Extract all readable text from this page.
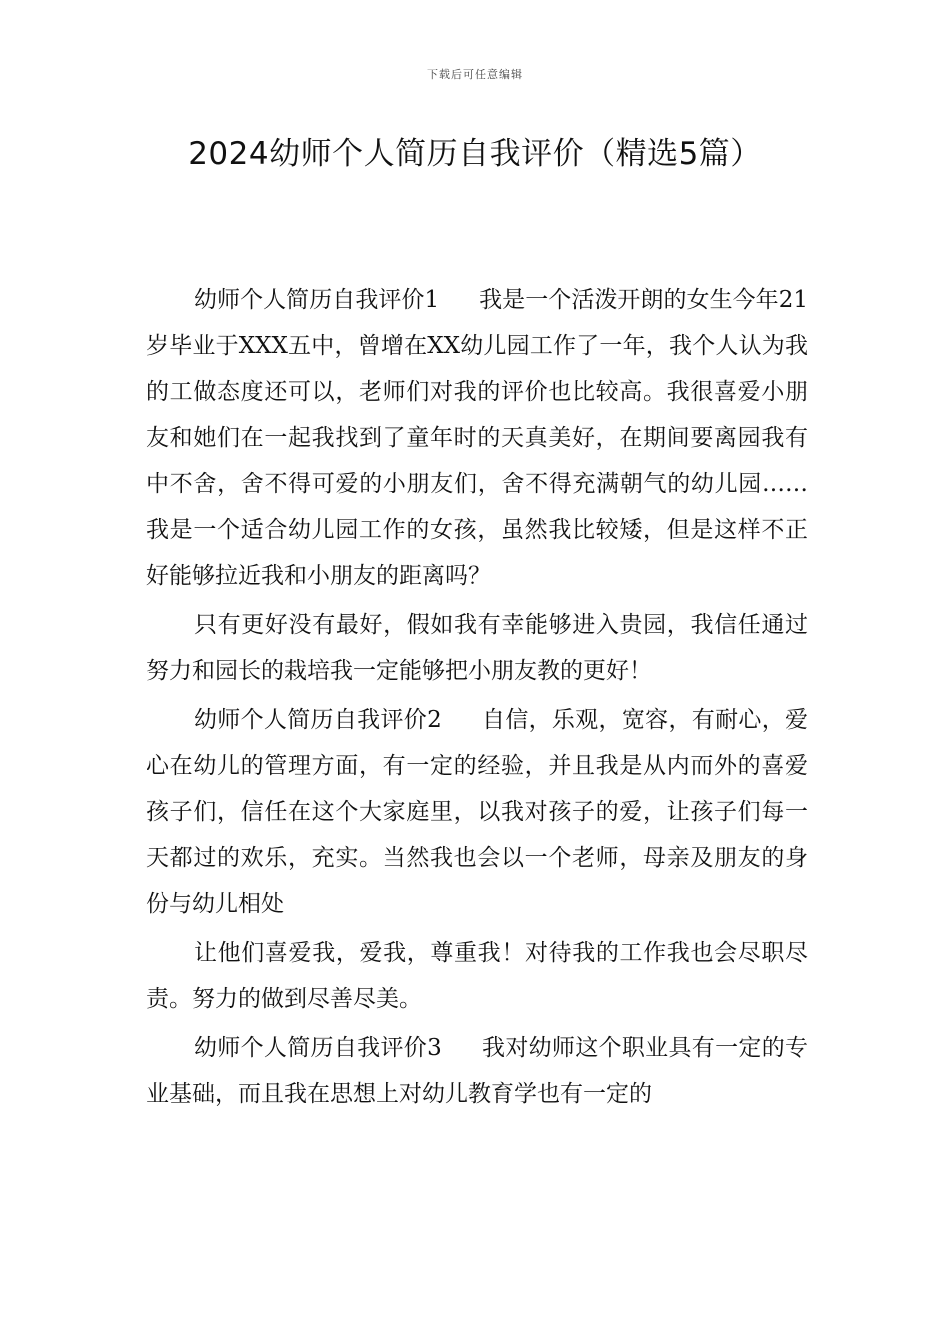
下载后可任意编辑
2024幼师个人简历自我评价（精选5篇）

幼师个人简历自我评价1 我是一个活泼开朗的女生今年21岁毕业于XXX五中，曾增在XX幼儿园工作了一年，我个人认为我的工做态度还可以，老师们对我的评价也比较高。我很喜爱小朋友和她们在一起我找到了童年时的天真美好，在期间要离园我有中不舍，舍不得可爱的小朋友们，舍不得充满朝气的幼儿园……我是一个适合幼儿园工作的女孩，虽然我比较矮，但是这样不正好能够拉近我和小朋友的距离吗？

只有更好没有最好，假如我有幸能够进入贵园，我信任通过努力和园长的栽培我一定能够把小朋友教的更好！

幼师个人简历自我评价2 自信，乐观，宽容，有耐心，爱心在幼儿的管理方面，有一定的经验，并且我是从内而外的喜爱孩子们，信任在这个大家庭里，以我对孩子的爱，让孩子们每一天都过的欢乐，充实。当然我也会以一个老师，母亲及朋友的身份与幼儿相处

让他们喜爱我，爱我，尊重我！对待我的工作我也会尽职尽责。努力的做到尽善尽美。

幼师个人简历自我评价3 我对幼师这个职业具有一定的专业基础，而且我在思想上对幼儿教育学也有一定的
